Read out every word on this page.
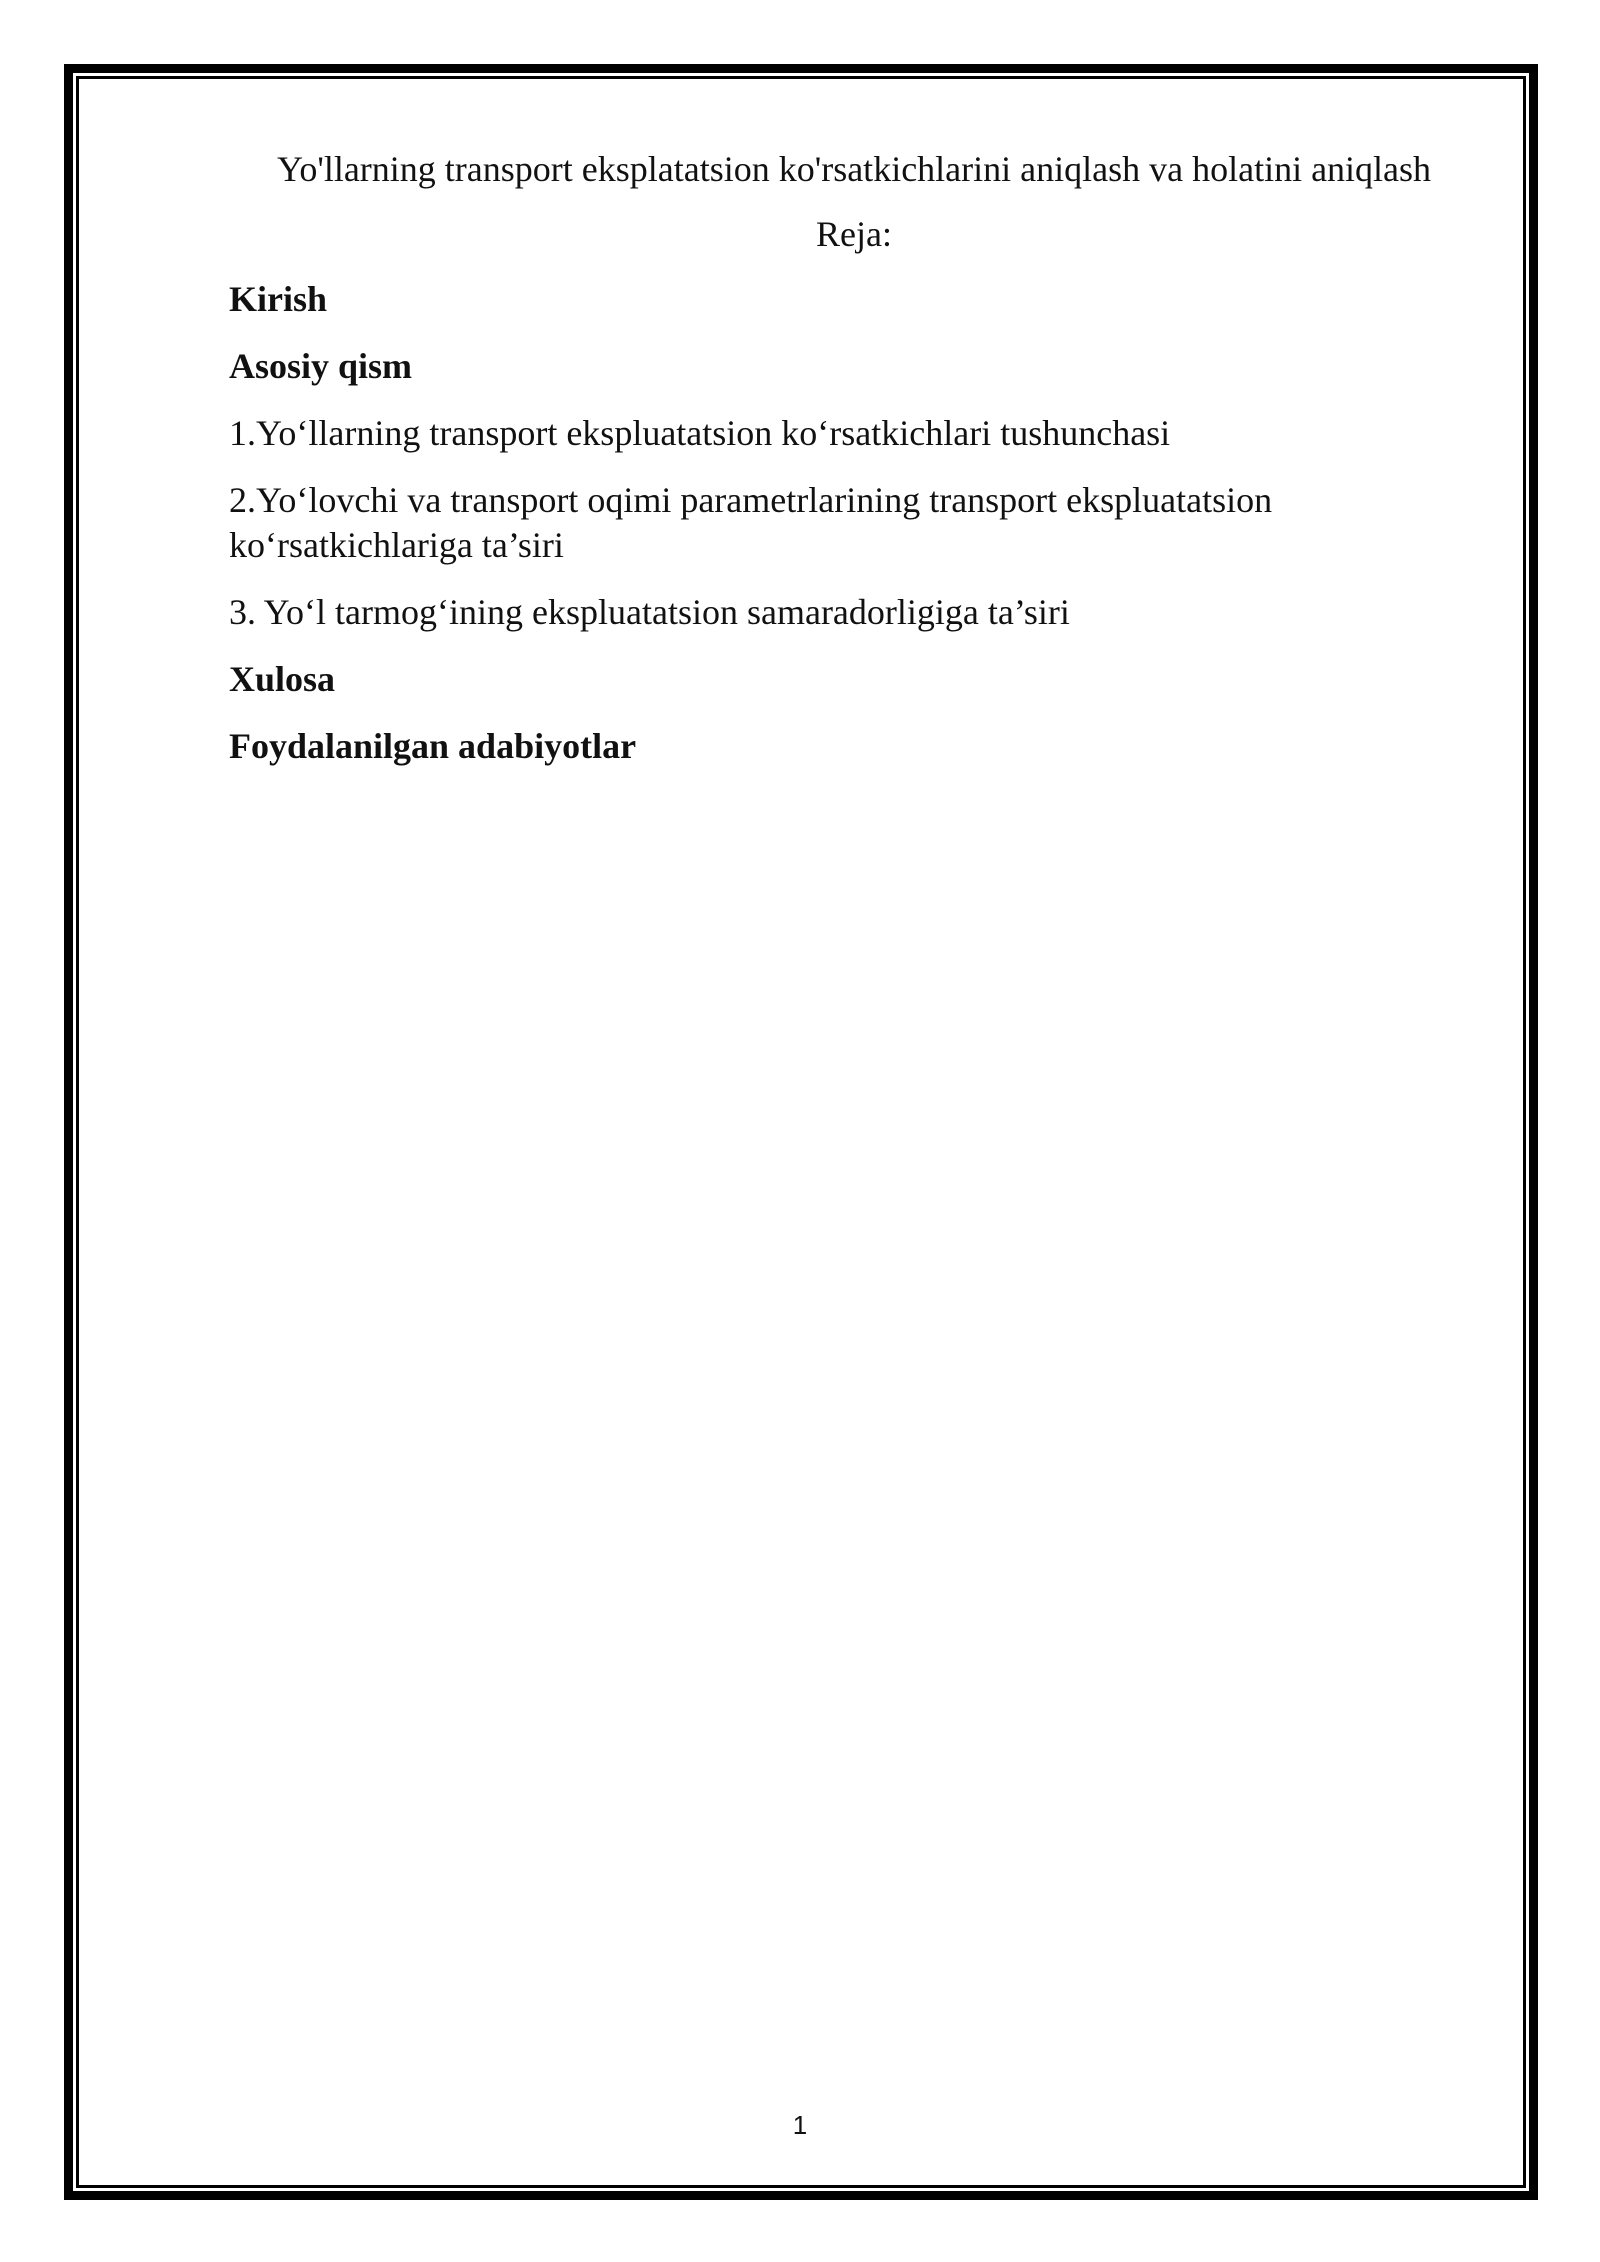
Yo'llarning transport eksplatatsion ko'rsatkichlarini aniqlash va holatini aniqlash
Reja:
Kirish
Asosiy qism
1.Yo‘llarning transport ekspluatatsion ko‘rsatkichlari tushunchasi
2.Yo‘lovchi va transport oqimi parametrlarining transport ekspluatatsion ko‘rsatkichlariga ta’siri
3. Yo‘l tarmog‘ining ekspluatatsion samaradorligiga ta’siri
Xulosa
Foydalanilgan adabiyotlar
1
